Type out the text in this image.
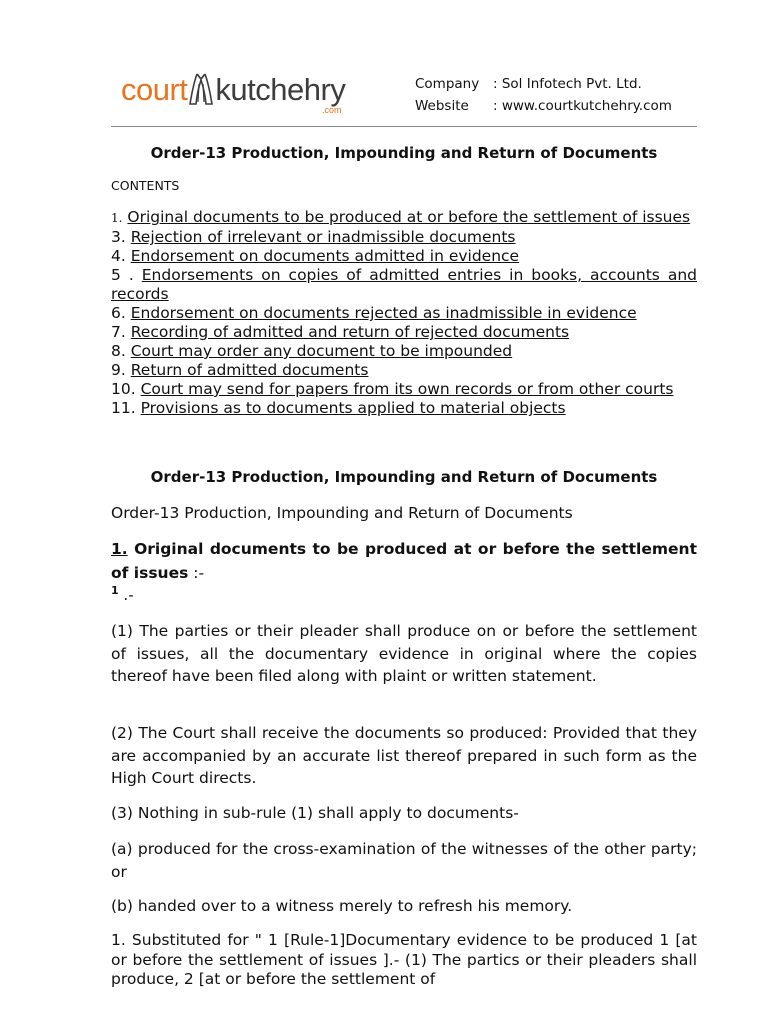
court kutchehry
.com
Company : Sol Infotech Pvt. Ltd.
Website : www.courtkutchehry.com
Order-13 Production, Impounding and Return of Documents
CONTENTS
1. Original documents to be produced at or before the settlement of issues
3. Rejection of irrelevant or inadmissible documents
4. Endorsement on documents admitted in evidence
5 . Endorsements on copies of admitted entries in books, accounts and records
6. Endorsement on documents rejected as inadmissible in evidence
7. Recording of admitted and return of rejected documents
8. Court may order any document to be impounded
9. Return of admitted documents
10. Court may send for papers from its own records or from other courts
11. Provisions as to documents applied to material objects
Order-13 Production, Impounding and Return of Documents
Order-13 Production, Impounding and Return of Documents
1. Original documents to be produced at or before the settlement of issues :-
$^1$ .-
(1) The parties or their pleader shall produce on or before the settlement of issues, all the documentary evidence in original where the copies thereof have been filed along with plaint or written statement.
(2) The Court shall receive the documents so produced: Provided that they are accompanied by an accurate list thereof prepared in such form as the High Court directs.
(3) Nothing in sub-rule (1) shall apply to documents-
(a) produced for the cross-examination of the witnesses of the other party; or
(b) handed over to a witness merely to refresh his memory.
1. Substituted for " 1 [Rule-1]Documentary evidence to be produced 1 [at or before the settlement of issues ].- (1) The partics or their pleaders shall produce, 2 [at or before the settlement of
